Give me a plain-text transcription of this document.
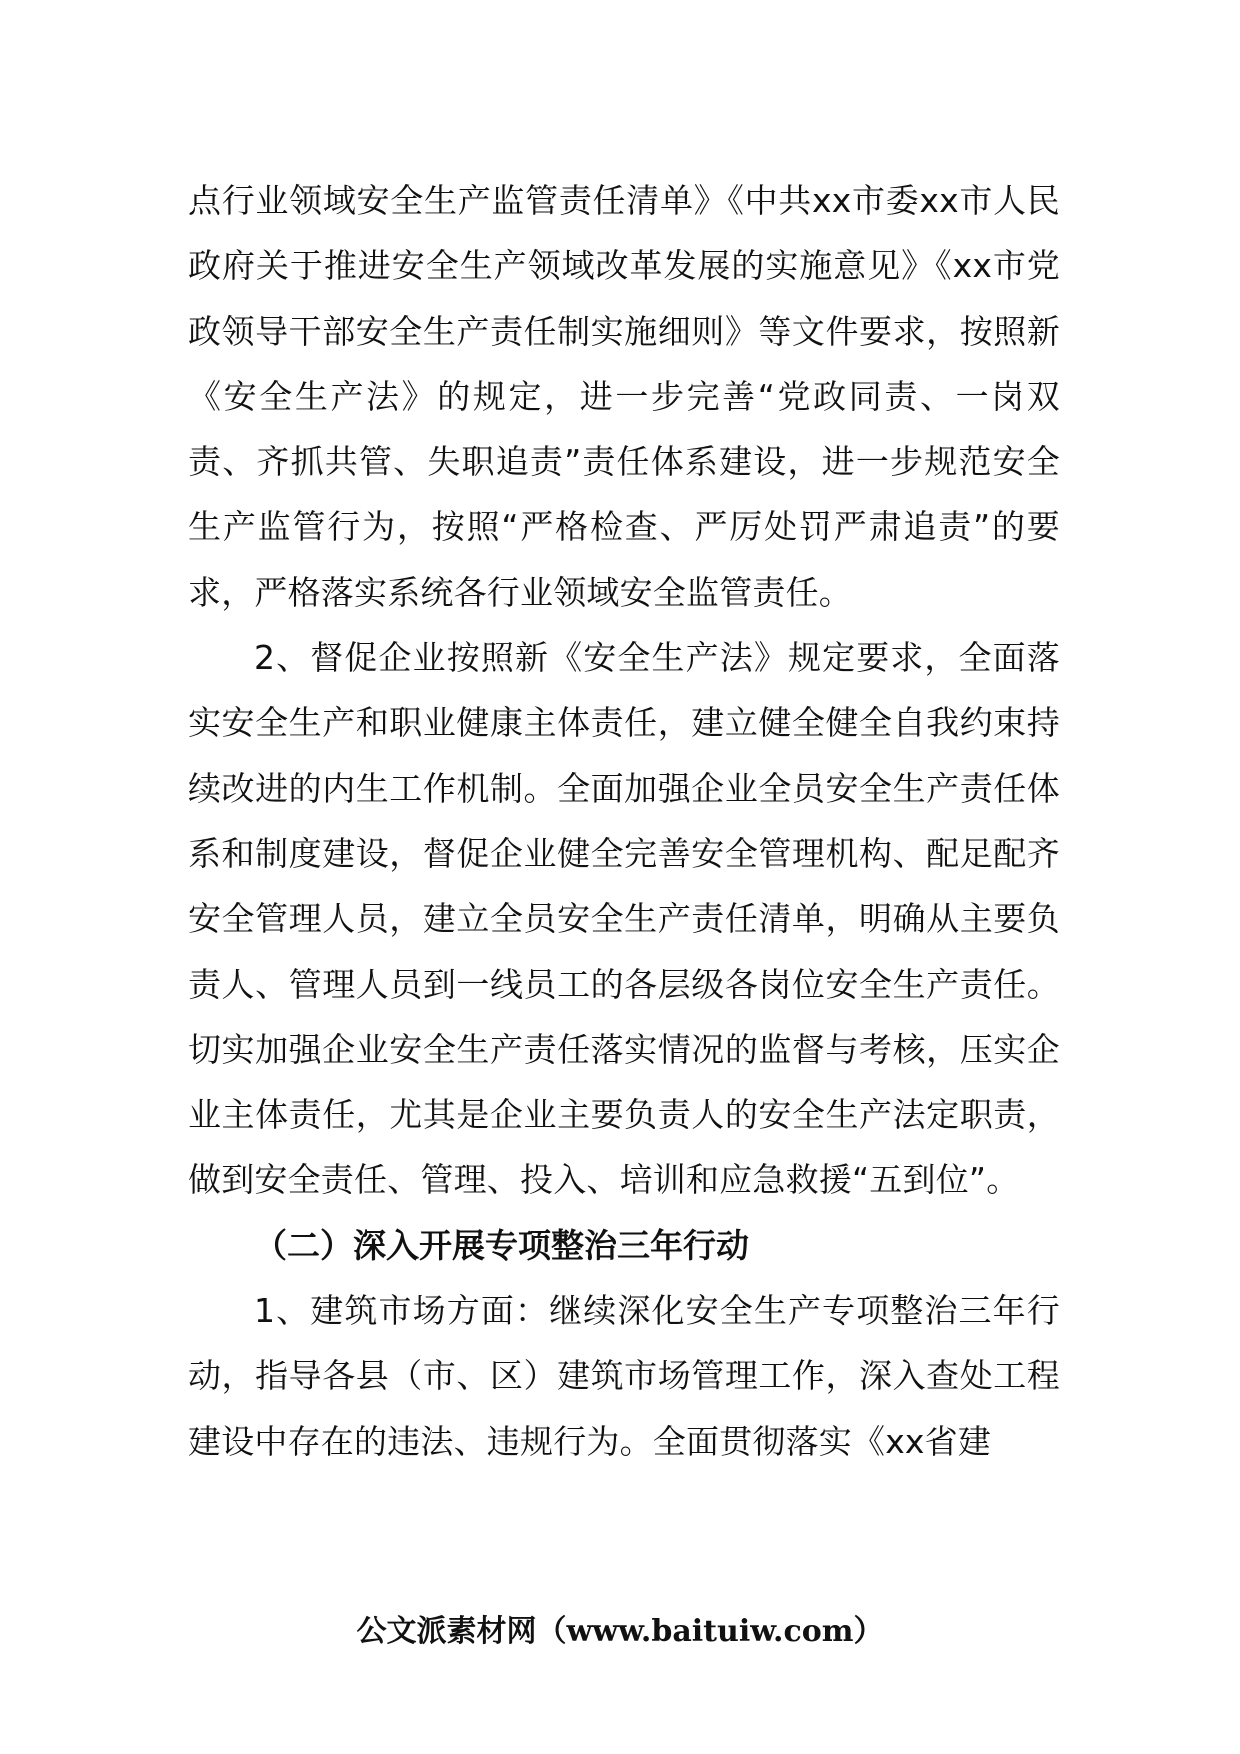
点行业领域安全生产监管责任清单》《中共xx市委xx市人民政府关于推进安全生产领域改革发展的实施意见》《xx市党政领导干部安全生产责任制实施细则》等文件要求，按照新《安全生产法》的规定，进一步完善“党政同责、一岗双责、齐抓共管、失职追责”责任体系建设，进一步规范安全生产监管行为，按照“严格检查、严厉处罚严肃追责”的要求，严格落实系统各行业领域安全监管责任。

2、督促企业按照新《安全生产法》规定要求，全面落实安全生产和职业健康主体责任，建立健全健全自我约束持续改进的内生工作机制。全面加强企业全员安全生产责任体系和制度建设，督促企业健全完善安全管理机构、配足配齐安全管理人员，建立全员安全生产责任清单，明确从主要负责人、管理人员到一线员工的各层级各岗位安全生产责任。切实加强企业安全生产责任落实情况的监督与考核，压实企业主体责任，尤其是企业主要负责人的安全生产法定职责，做到安全责任、管理、投入、培训和应急救援“五到位”。

（二）深入开展专项整治三年行动

1、建筑市场方面：继续深化安全生产专项整治三年行动，指导各县（市、区）建筑市场管理工作，深入查处工程建设中存在的违法、违规行为。全面贯彻落实《xx省建

公文派素材网（www.baituiw.com）
